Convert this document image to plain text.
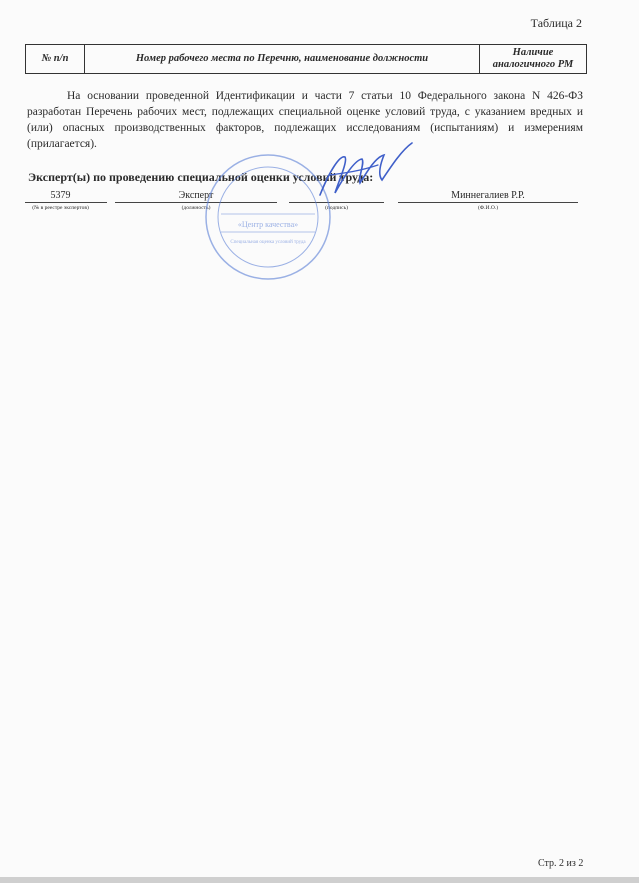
Таблица 2
№ п/п	Номер рабочего места по Перечню, наименование должности	Наличие аналогичного РМ
На основании проведенной Идентификации и части 7 статьи 10 Федерального закона N 426-ФЗ разработан Перечень рабочих мест, подлежащих специальной оценке условий труда, с указанием вредных и (или) опасных производственных факторов, подлежащих исследованиям (испытаниям) и измерениям (прилагается).
Эксперт(ы) по проведению специальной оценки условий труда:
5379
(№ в реестре экспертов)
Эксперт
(должность)	(подпись)
Миннегалиев Р.Р.
(Ф.И.О.)
«Центр качества»
Специальная оценка условий труда
Стр. 2 из 2
